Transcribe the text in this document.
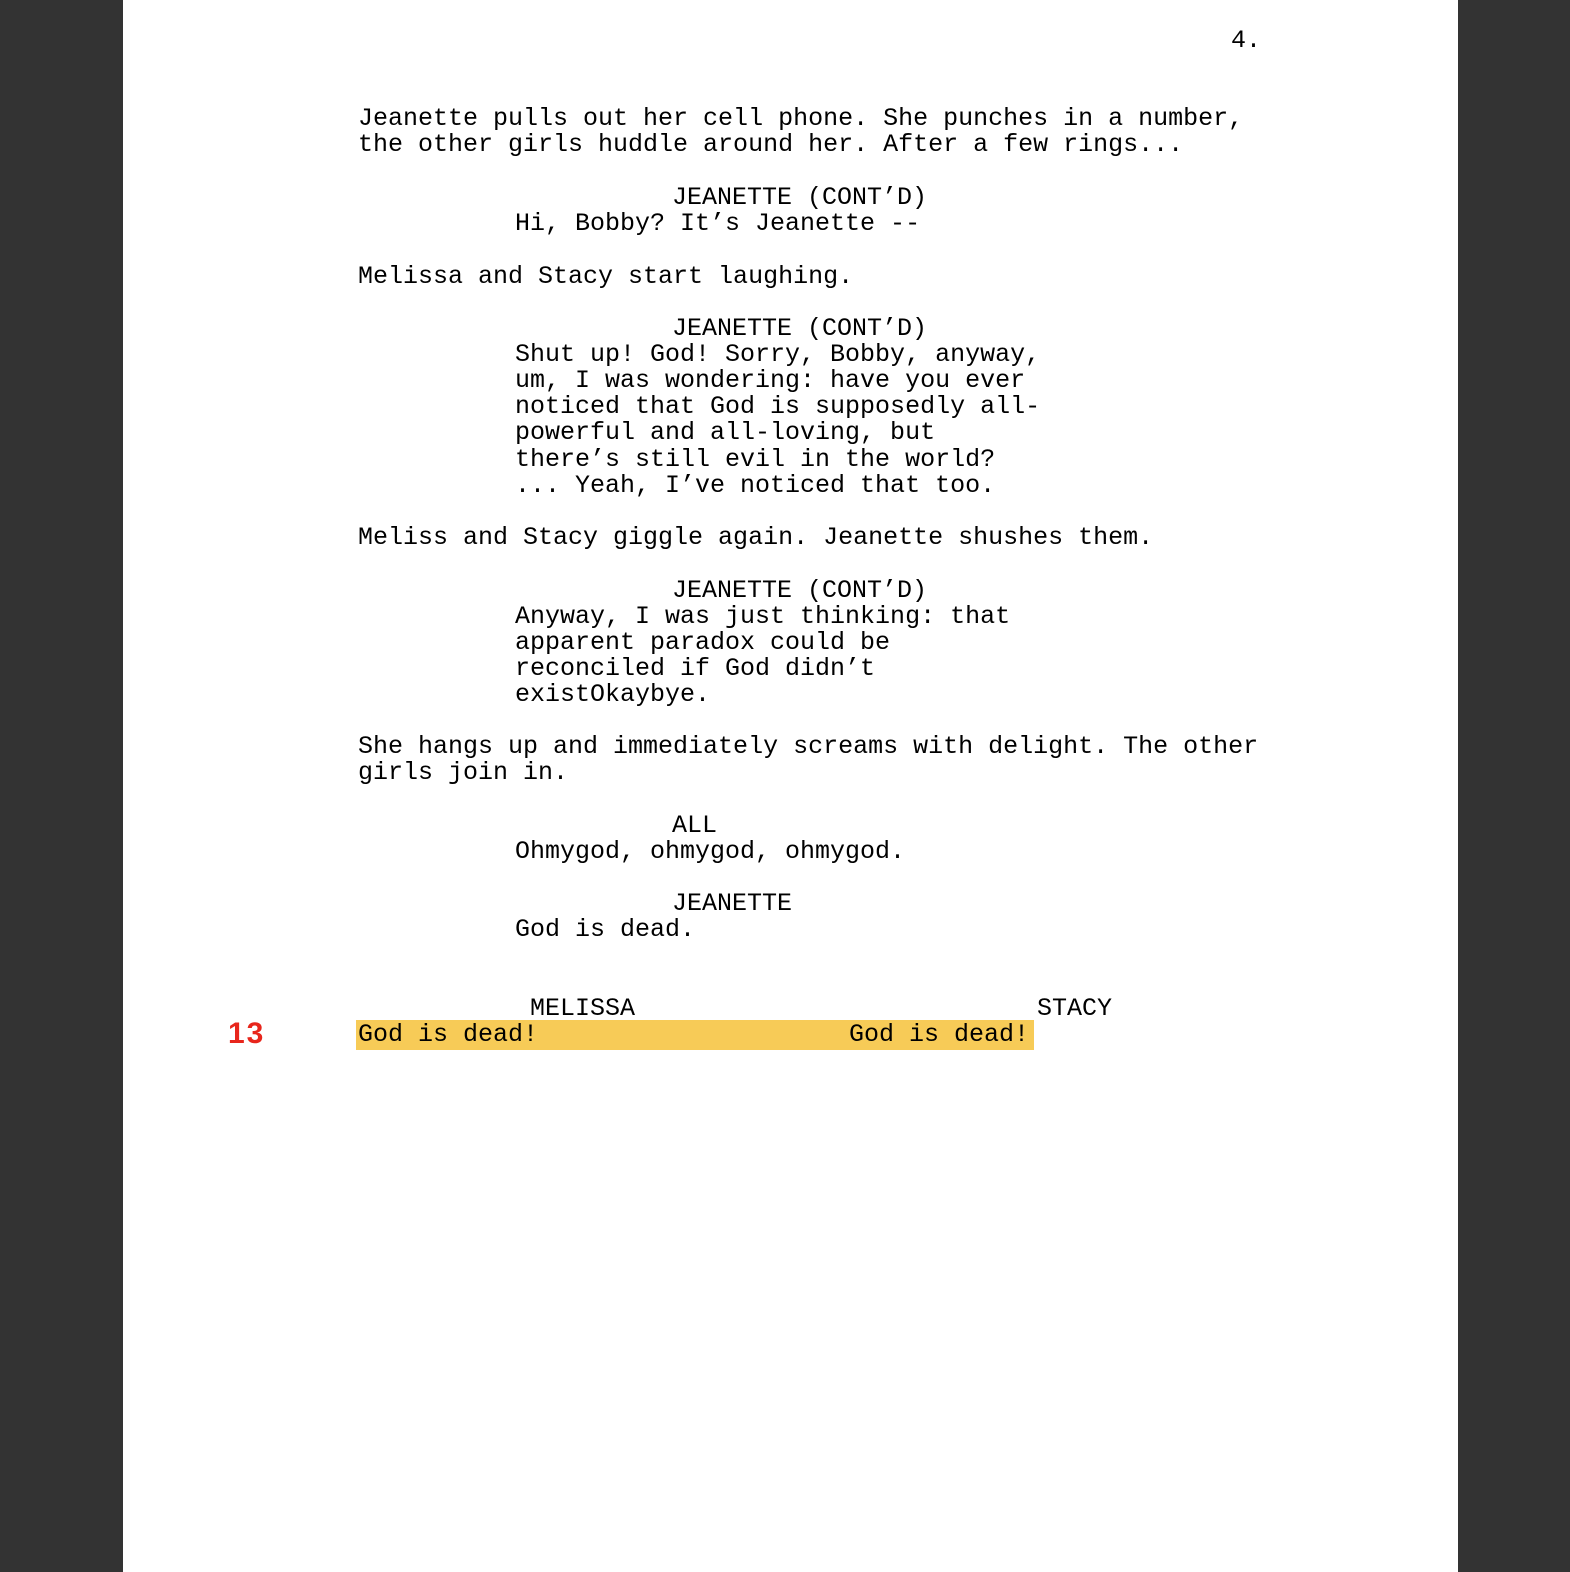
4.
Jeanette pulls out her cell phone. She punches in a number,
the other girls huddle around her. After a few rings...
JEANETTE (CONT’D)
Hi, Bobby? It’s Jeanette --
Melissa and Stacy start laughing.
JEANETTE (CONT’D)
Shut up! God! Sorry, Bobby, anyway,
um, I was wondering: have you ever
noticed that God is supposedly all-
powerful and all-loving, but
there’s still evil in the world?
... Yeah, I’ve noticed that too.
Meliss and Stacy giggle again. Jeanette shushes them.
JEANETTE (CONT’D)
Anyway, I was just thinking: that
apparent paradox could be
reconciled if God didn’t
existOkaybye.
She hangs up and immediately screams with delight. The other
girls join in.
ALL
Ohmygod, ohmygod, ohmygod.
JEANETTE
God is dead.
MELISSA	STACY
God is dead!	God is dead!
13
